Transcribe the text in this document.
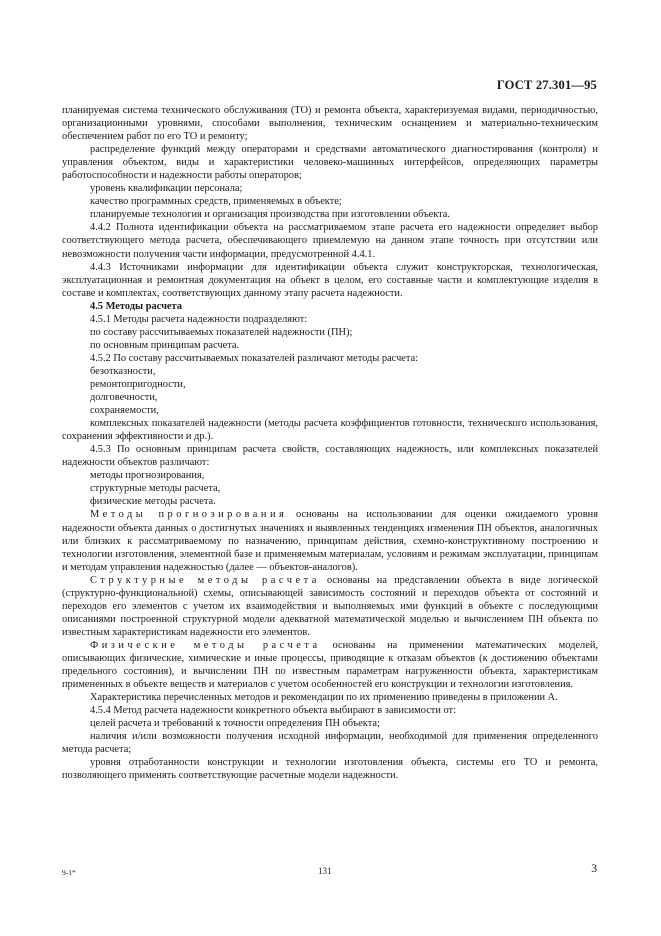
ГОСТ 27.301—95

планируемая система технического обслуживания (ТО) и ремонта объекта, характеризуемая видами, периодичностью, организационными уровнями, способами выполнения, техническим оснащением и материально-техническим обеспечением работ по его ТО и ремонту;

распределение функций между операторами и средствами автоматического диагностирования (контроля) и управления объектом, виды и характеристики человеко-машинных интерфейсов, определяющих параметры работоспособности и надежности работы операторов;

уровень квалификации персонала;

качество программных средств, применяемых в объекте;

планируемые технология и организация производства при изготовлении объекта.

4.4.2 Полнота идентификации объекта на рассматриваемом этапе расчета его надежности определяет выбор соответствующего метода расчета, обеспечивающего приемлемую на данном этапе точность при отсутствии или невозможности получения части информации, предусмотренной 4.4.1.

4.4.3 Источниками информации для идентификации объекта служит конструкторская, технологическая, эксплуатационная и ремонтная документация на объект в целом, его составные части и комплектующие изделия в составе и комплектах, соответствующих данному этапу расчета надежности.

4.5 Методы расчета

4.5.1 Методы расчета надежности подразделяют:

по составу рассчитываемых показателей надежности (ПН);

по основным принципам расчета.

4.5.2 По составу рассчитываемых показателей различают методы расчета:

безотказности,

ремонтопригодности,

долговечности,

сохраняемости,

комплексных показателей надежности (методы расчета коэффициентов готовности, технического использования, сохранения эффективности и др.).

4.5.3 По основным принципам расчета свойств, составляющих надежность, или комплексных показателей надежности объектов различают:

методы прогнозирования,

структурные методы расчета,

физические методы расчета.

Методы прогнозирования основаны на использовании для оценки ожидаемого уровня надежности объекта данных о достигнутых значениях и выявленных тенденциях изменения ПН объектов, аналогичных или близких к рассматриваемому по назначению, принципам действия, схемно-конструктивному построению и технологии изготовления, элементной базе и применяемым материалам, условиям и режимам эксплуатации, принципам и методам управления надежностью (далее — объектов-аналогов).

Структурные методы расчета основаны на представлении объекта в виде логической (структурно-функциональной) схемы, описывающей зависимость состояний и переходов объекта от состояний и переходов его элементов с учетом их взаимодействия и выполняемых ими функций в объекте с последующими описаниями построенной структурной модели адекватной математической моделью и вычислением ПН объекта по известным характеристикам надежности его элементов.

Физические методы расчета основаны на применении математических моделей, описывающих физические, химические и иные процессы, приводящие к отказам объектов (к достижению объектами предельного состояния), и вычислении ПН по известным параметрам нагруженности объекта, характеристикам примененных в объекте веществ и материалов с учетом особенностей его конструкции и технологии изготовления.

Характеристика перечисленных методов и рекомендации по их применению приведены в приложении А.

4.5.4 Метод расчета надежности конкретного объекта выбирают в зависимости от:

целей расчета и требований к точности определения ПН объекта;

наличия и/или возможности получения исходной информации, необходимой для применения определенного метода расчета;

уровня отработанности конструкции и технологии изготовления объекта, системы его ТО и ремонта, позволяющего применять соответствующие расчетные модели надежности.

9-1*	131	3
